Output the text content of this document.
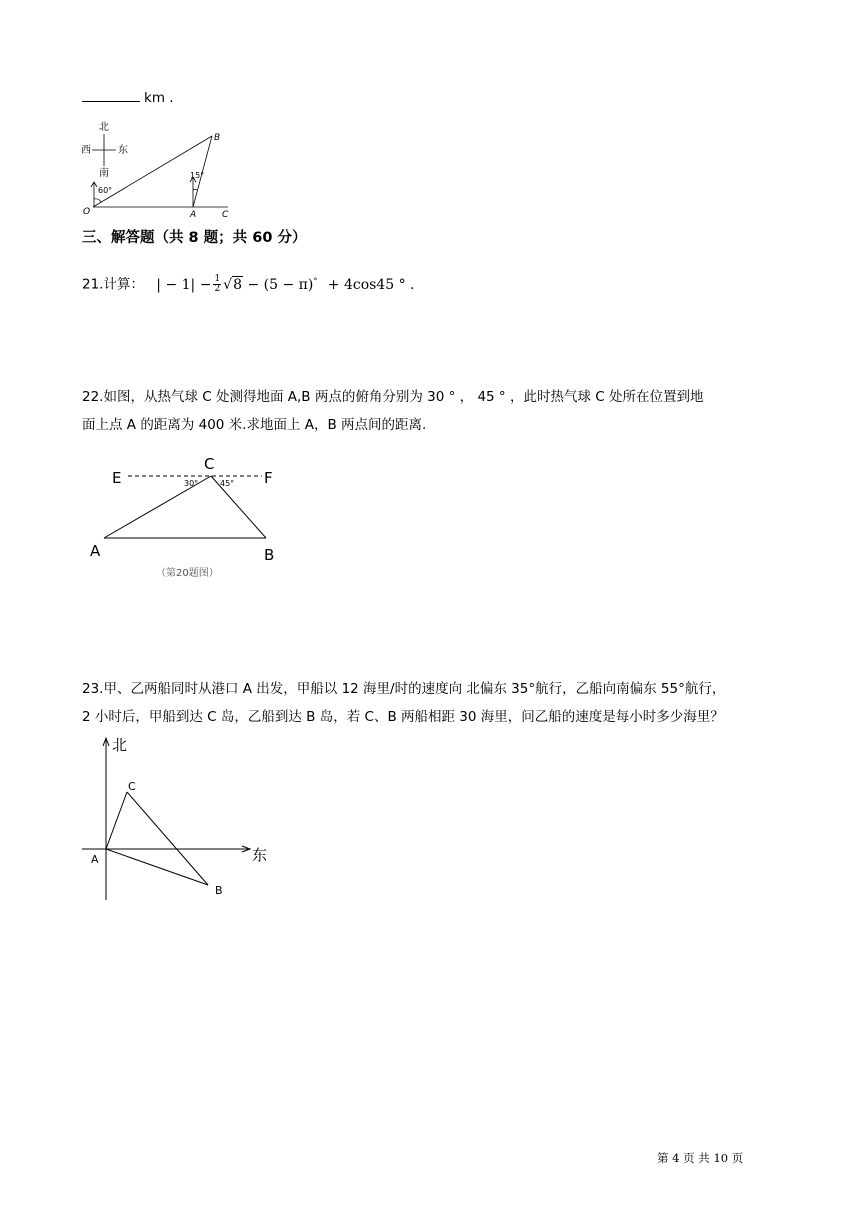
km .
北
南
西	东
60°
15°
O	A
B
C
三、解答题（共 8 题；共 60 分）
21.计算： | − $1| - \frac{1}{2} √8 - (5 - \pi)^\circ + 4\cos 45$ ° .
22.如图，从热气球 C 处测得地面 A,B 两点的俯角分别为 30 ° ， 45 ° ，此时热气球 C 处所在位置到地
面上点 A 的距离为 400 米.求地面上 A，B 两点间的距离.
E
C
F
A	B
30°	45°
（第20题图）
23.甲、乙两船同时从港口 A 出发，甲船以 12 海里/时的速度向 北偏东 35°航行，乙船向南偏东 55°航行，
2 小时后，甲船到达 C 岛，乙船到达 B 岛，若 C、B 两船相距 30 海里，问乙船的速度是每小时多少海里？
北
东
A
C
B
第 4 页 共 10 页
